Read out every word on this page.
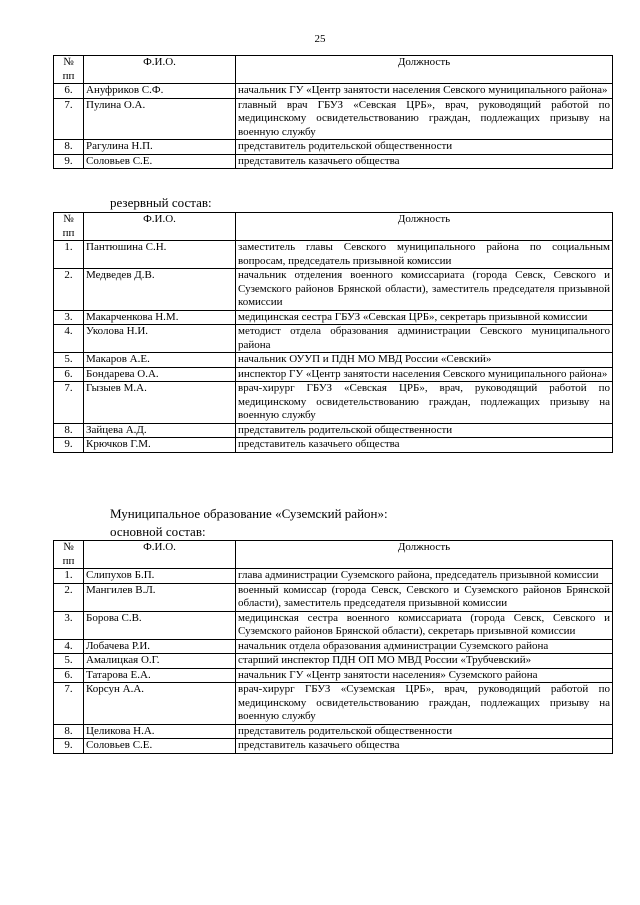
25
№ пп	Ф.И.О.	Должность
6.	Ануфриков С.Ф.	начальник ГУ «Центр занятости населения Севского муниципального района»
7.	Пулина О.А.	главный врач ГБУЗ «Севская ЦРБ», врач, руководящий работой по медицинскому освидетельствованию граждан, подлежащих призыву на военную службу
8.	Рагулина Н.П.	представитель родительской общественности
9.	Соловьев С.Е.	представитель казачьего общества

резервный состав:

№ пп	Ф.И.О.	Должность
1.	Пантюшина С.Н.	заместитель главы Севского муниципального района по социальным вопросам, председатель призывной комиссии
2.	Медведев Д.В.	начальник отделения военного комиссариата (города Севск, Севского и Суземского районов Брянской области), заместитель председателя призывной комиссии
3.	Макарченкова Н.М.	медицинская сестра ГБУЗ «Севская ЦРБ», секретарь призывной комиссии
4.	Уколова Н.И.	методист отдела образования администрации Севского муниципального района
5.	Макаров А.Е.	начальник ОУУП и ПДН МО МВД России «Севский»
6.	Бондарева О.А.	инспектор ГУ «Центр занятости населения Севского муниципального района»
7.	Гызыев М.А.	врач-хирург ГБУЗ «Севская ЦРБ», врач, руководящий работой по медицинскому освидетельствованию граждан, подлежащих призыву на военную службу
8.	Зайцева А.Д.	представитель родительской общественности
9.	Крючков Г.М.	представитель казачьего общества

Муниципальное образование «Суземский район»:

основной состав:

№ пп	Ф.И.О.	Должность
1.	Слипухов Б.П.	глава администрации Суземского района, председатель призывной комиссии
2.	Мангилев В.Л.	военный комиссар (города Севск, Севского и Суземского районов Брянской области), заместитель председателя призывной комиссии
3.	Борова С.В.	медицинская сестра военного комиссариата (города Севск, Севского и Суземского районов Брянской области), секретарь призывной комиссии
4.	Лобачева Р.И.	начальник отдела образования администрации Суземского района
5.	Амалицкая О.Г.	старший инспектор ПДН ОП МО МВД России «Трубчевский»
6.	Татарова Е.А.	начальник ГУ «Центр занятости населения» Суземского района
7.	Корсун А.А.	врач-хирург ГБУЗ «Суземская ЦРБ», врач, руководящий работой по медицинскому освидетельствованию граждан, подлежащих призыву на военную службу
8.	Целикова Н.А.	представитель родительской общественности
9.	Соловьев С.Е.	представитель казачьего общества
